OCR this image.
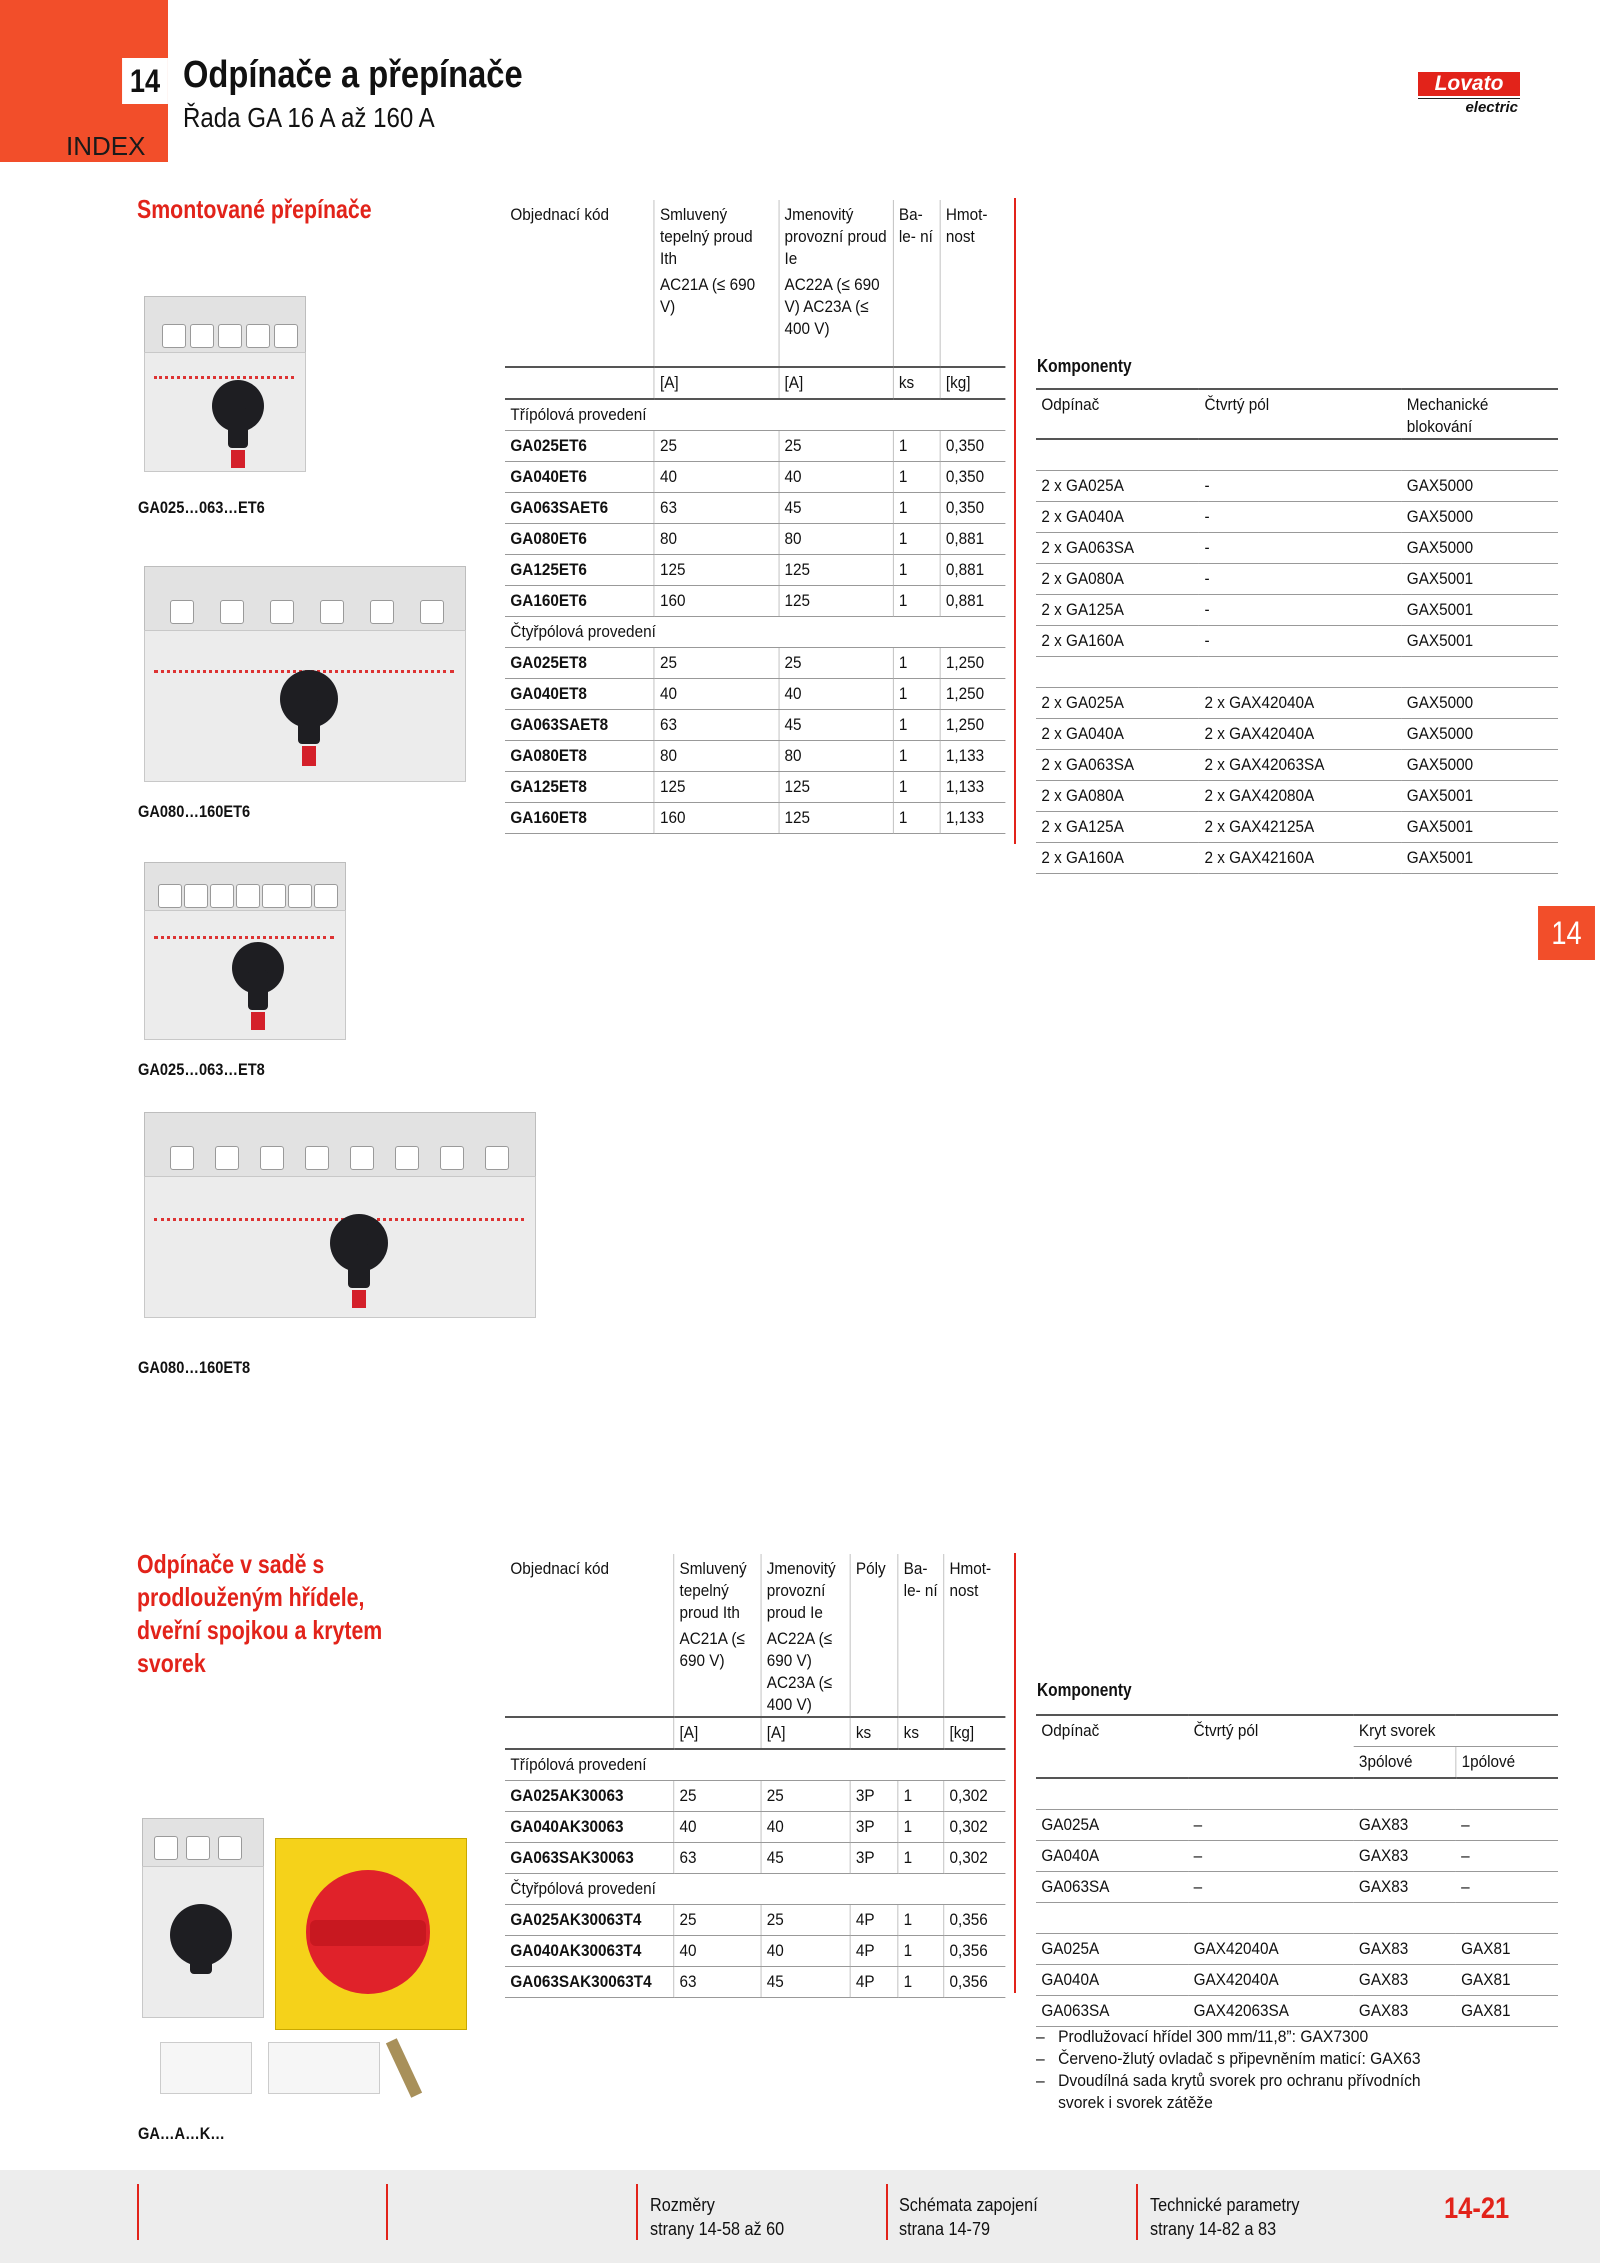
14
INDEX
Odpínače a přepínače
Řada GA 16 A až 160 A
Lovato
electric
Smontované přepínače
GA025…063…ET6
GA080…160ET6
GA025…063…ET8
GA080…160ET8
Objednací kód	Smluvený tepelný proud Ith	Jmenovitý provozní proud Ie	Ba- le- ní	Hmot- nost
	AC21A (≤ 690 V)	AC22A (≤ 690 V) AC23A (≤ 400 V)		
	[A]	[A]	ks	[kg]
Třípólová provedení				
GA025ET6	25	25	1	0,350
GA040ET6	40	40	1	0,350
GA063SAET6	63	45	1	0,350
GA080ET6	80	80	1	0,881
GA125ET6	125	125	1	0,881
GA160ET6	160	125	1	0,881
Čtyřpólová provedení				
GA025ET8	25	25	1	1,250
GA040ET8	40	40	1	1,250
GA063SAET8	63	45	1	1,250
GA080ET8	80	80	1	1,133
GA125ET8	125	125	1	1,133
GA160ET8	160	125	1	1,133
Komponenty
Odpínač	Čtvrtý pól	Mechanické blokování

2 x GA025A	-	GAX5000
2 x GA040A	-	GAX5000
2 x GA063SA	-	GAX5000
2 x GA080A	-	GAX5001
2 x GA125A	-	GAX5001
2 x GA160A	-	GAX5001

2 x GA025A	2 x GAX42040A	GAX5000
2 x GA040A	2 x GAX42040A	GAX5000
2 x GA063SA	2 x GAX42063SA	GAX5000
2 x GA080A	2 x GAX42080A	GAX5001
2 x GA125A	2 x GAX42125A	GAX5001
2 x GA160A	2 x GAX42160A	GAX5001
14
Odpínače v sadě s prodlouženým hřídele, dveřní spojkou a krytem svorek
GA…A…K…
Objednací kód	Smluvený tepelný proud Ith	Jmenovitý provozní proud Ie	Póly	Ba- le- ní	Hmot- nost
	AC21A (≤ 690 V)	AC22A (≤ 690 V) AC23A (≤ 400 V)			
	[A]	[A]	ks	ks	[kg]
Třípólová provedení					
GA025AK30063	25	25	3P	1	0,302
GA040AK30063	40	40	3P	1	0,302
GA063SAK30063	63	45	3P	1	0,302
Čtyřpólová provedení					
GA025AK30063T4	25	25	4P	1	0,356
GA040AK30063T4	40	40	4P	1	0,356
GA063SAK30063T4	63	45	4P	1	0,356
Komponenty
Odpínač	Čtvrtý pól	Kryt svorek	
		3pólové	1pólové

GA025A	–	GAX83	–
GA040A	–	GAX83	–
GA063SA	–	GAX83	–

GA025A	GAX42040A	GAX83	GAX81
GA040A	GAX42040A	GAX83	GAX81
GA063SA	GAX42063SA	GAX83	GAX81
– Prodlužovací hřídel 300 mm/11,8”: GAX7300
– Červeno-žlutý ovladač s připevněním maticí: GAX63
– Dvoudílná sada krytů svorek pro ochranu přívodních svorek i svorek zátěže
Rozměry
strany 14-58 až 60
Schémata zapojení
strana 14-79
Technické parametry
strany 14-82 a 83
14-21
